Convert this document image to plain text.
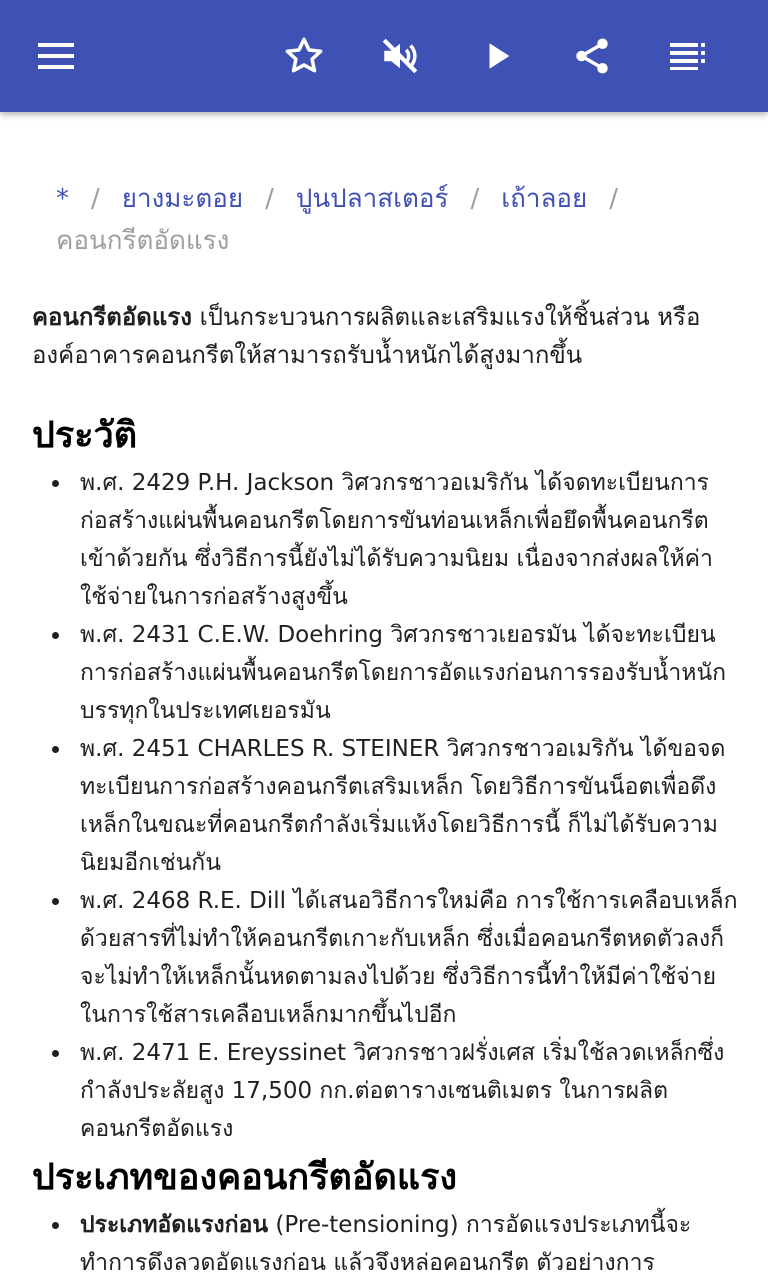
* / ยางมะตอย / ปูนปลาสเตอร์ / เถ้าลอย /
คอนกรีตอัดแรง
คอนกรีตอัดแรง เป็นกระบวนการผลิตและเสริมแรงให้ชิ้นส่วน หรือองค์อาคารคอนกรีตให้สามารถรับน้ำหนักได้สูงมากขึ้น
ประวัติ
พ.ศ. 2429 P.H. Jackson วิศวกรชาวอเมริกัน ได้จดทะเบียนการก่อสร้างแผ่นพื้นคอนกรีตโดยการขันท่อนเหล็กเพื่อยึดพื้นคอนกรีตเข้าด้วยกัน ซึ่งวิธีการนี้ยังไม่ได้รับความนิยม เนื่องจากส่งผลให้ค่าใช้จ่ายในการก่อสร้างสูงขึ้น
พ.ศ. 2431 C.E.W. Doehring วิศวกรชาวเยอรมัน ได้จะทะเบียนการก่อสร้างแผ่นพื้นคอนกรีตโดยการอัดแรงก่อนการรองรับน้ำหนักบรรทุกในประเทศเยอรมัน
พ.ศ. 2451 CHARLES R. STEINER วิศวกรชาวอเมริกัน ได้ขอจดทะเบียนการก่อสร้างคอนกรีตเสริมเหล็ก โดยวิธีการขันน็อตเพื่อดึงเหล็กในขณะที่คอนกรีตกำลังเริ่มแห้งโดยวิธีการนี้ ก็ไม่ได้รับความนิยมอีกเช่นกัน
พ.ศ. 2468 R.E. Dill ได้เสนอวิธีการใหม่คือ การใช้การเคลือบเหล็กด้วยสารที่ไม่ทำให้คอนกรีตเกาะกับเหล็ก ซึ่งเมื่อคอนกรีตหดตัวลงก็จะไม่ทำให้เหล็กนั้นหดตามลงไปด้วย ซึ่งวิธีการนี้ทำให้มีค่าใช้จ่ายในการใช้สารเคลือบเหล็กมากขึ้นไปอีก
พ.ศ. 2471 E. Ereyssinet วิศวกรชาวฝรั่งเศส เริ่มใช้ลวดเหล็กซึ่งกำลังประลัยสูง 17,500 กก.ต่อตารางเซนติเมตร ในการผลิตคอนกรีตอัดแรง
ประเภทของคอนกรีตอัดแรง
ประเภทอัดแรงก่อน (Pre-tensioning) การอัดแรงประเภทนี้จะทำการดึงลวดอัดแรงก่อน แล้วจึงหล่อคอนกรีต ตัวอย่างการ
